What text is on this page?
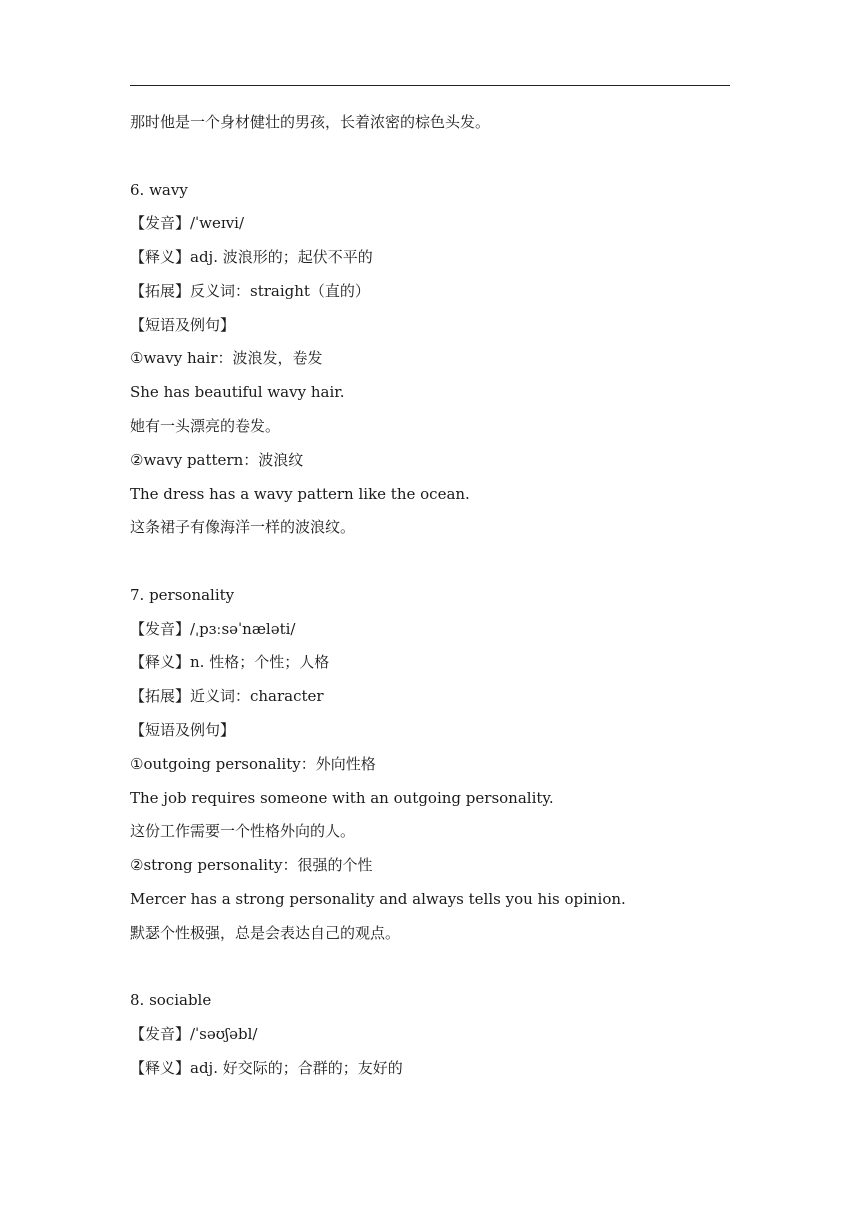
那时他是一个身材健壮的男孩，长着浓密的棕色头发。
6. wavy
【发音】/ˈweɪvi/
【释义】adj. 波浪形的；起伏不平的
【拓展】反义词：straight（直的）
【短语及例句】
①wavy hair：波浪发，卷发
She has beautiful wavy hair.
她有一头漂亮的卷发。
②wavy pattern：波浪纹
The dress has a wavy pattern like the ocean.
这条裙子有像海洋一样的波浪纹。
7. personality
【发音】/ˌpɜːsəˈnæləti/
【释义】n. 性格；个性；人格
【拓展】近义词：character
【短语及例句】
①outgoing personality：外向性格
The job requires someone with an outgoing personality.
这份工作需要一个性格外向的人。
②strong personality：很强的个性
Mercer has a strong personality and always tells you his opinion.
默瑟个性极强，总是会表达自己的观点。
8. sociable
【发音】/ˈsəʊʃəbl/
【释义】adj. 好交际的；合群的；友好的
